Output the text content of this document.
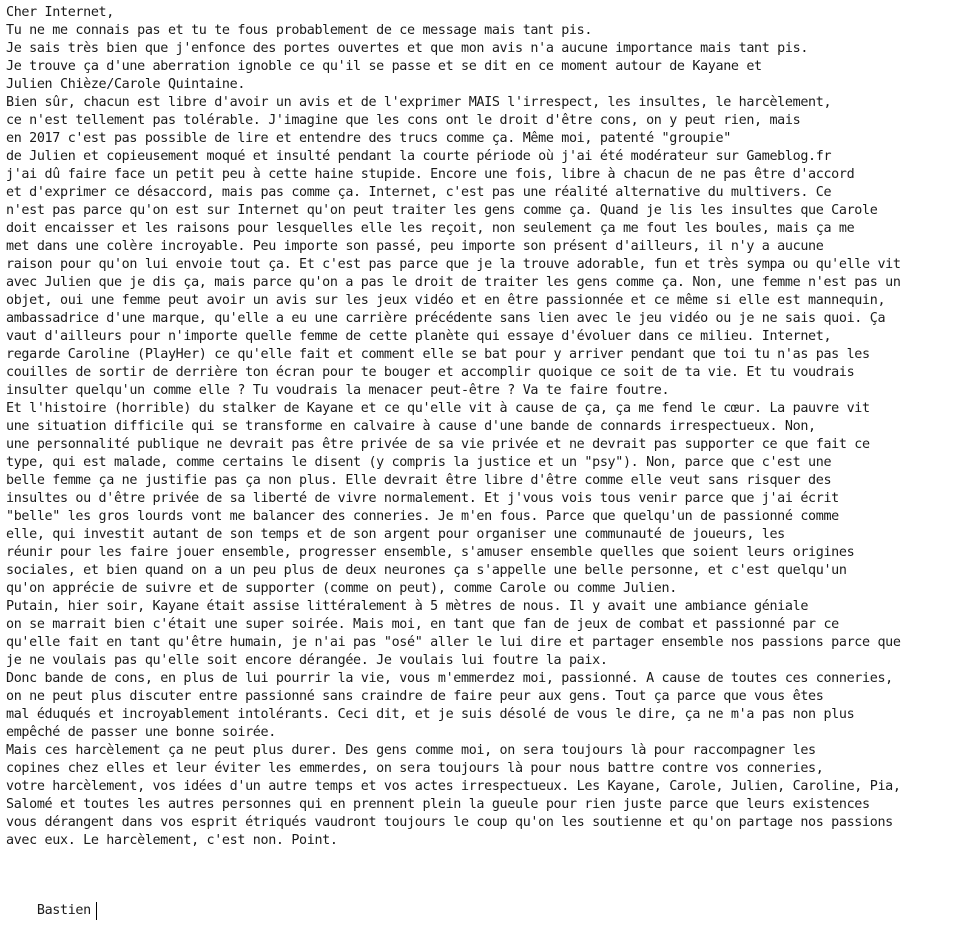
Cher Internet,
Tu ne me connais pas et tu te fous probablement de ce message mais tant pis.
Je sais très bien que j'enfonce des portes ouvertes et que mon avis n'a aucune importance mais tant pis.
Je trouve ça d'une aberration ignoble ce qu'il se passe et se dit en ce moment autour de Kayane et
Julien Chièze/Carole Quintaine.
Bien sûr, chacun est libre d'avoir un avis et de l'exprimer MAIS l'irrespect, les insultes, le harcèlement,
ce n'est tellement pas tolérable. J'imagine que les cons ont le droit d'être cons, on y peut rien, mais
en 2017 c'est pas possible de lire et entendre des trucs comme ça. Même moi, patenté "groupie"
de Julien et copieusement moqué et insulté pendant la courte période où j'ai été modérateur sur Gameblog.fr
j'ai dû faire face un petit peu à cette haine stupide. Encore une fois, libre à chacun de ne pas être d'accord
et d'exprimer ce désaccord, mais pas comme ça. Internet, c'est pas une réalité alternative du multivers. Ce
n'est pas parce qu'on est sur Internet qu'on peut traiter les gens comme ça. Quand je lis les insultes que Carole
doit encaisser et les raisons pour lesquelles elle les reçoit, non seulement ça me fout les boules, mais ça me
met dans une colère incroyable. Peu importe son passé, peu importe son présent d'ailleurs, il n'y a aucune
raison pour qu'on lui envoie tout ça. Et c'est pas parce que je la trouve adorable, fun et très sympa ou qu'elle vit
avec Julien que je dis ça, mais parce qu'on a pas le droit de traiter les gens comme ça. Non, une femme n'est pas un
objet, oui une femme peut avoir un avis sur les jeux vidéo et en être passionnée et ce même si elle est mannequin,
ambassadrice d'une marque, qu'elle a eu une carrière précédente sans lien avec le jeu vidéo ou je ne sais quoi. Ça
vaut d'ailleurs pour n'importe quelle femme de cette planète qui essaye d'évoluer dans ce milieu. Internet,
regarde Caroline (PlayHer) ce qu'elle fait et comment elle se bat pour y arriver pendant que toi tu n'as pas les
couilles de sortir de derrière ton écran pour te bouger et accomplir quoique ce soit de ta vie. Et tu voudrais
insulter quelqu'un comme elle ? Tu voudrais la menacer peut-être ? Va te faire foutre.
Et l'histoire (horrible) du stalker de Kayane et ce qu'elle vit à cause de ça, ça me fend le cœur. La pauvre vit
une situation difficile qui se transforme en calvaire à cause d'une bande de connards irrespectueux. Non,
une personnalité publique ne devrait pas être privée de sa vie privée et ne devrait pas supporter ce que fait ce
type, qui est malade, comme certains le disent (y compris la justice et un "psy"). Non, parce que c'est une
belle femme ça ne justifie pas ça non plus. Elle devrait être libre d'être comme elle veut sans risquer des
insultes ou d'être privée de sa liberté de vivre normalement. Et j'vous vois tous venir parce que j'ai écrit
"belle" les gros lourds vont me balancer des conneries. Je m'en fous. Parce que quelqu'un de passionné comme
elle, qui investit autant de son temps et de son argent pour organiser une communauté de joueurs, les
réunir pour les faire jouer ensemble, progresser ensemble, s'amuser ensemble quelles que soient leurs origines
sociales, et bien quand on a un peu plus de deux neurones ça s'appelle une belle personne, et c'est quelqu'un
qu'on apprécie de suivre et de supporter (comme on peut), comme Carole ou comme Julien.
Putain, hier soir, Kayane était assise littéralement à 5 mètres de nous. Il y avait une ambiance géniale
on se marrait bien c'était une super soirée. Mais moi, en tant que fan de jeux de combat et passionné par ce
qu'elle fait en tant qu'être humain, je n'ai pas "osé" aller le lui dire et partager ensemble nos passions parce que
je ne voulais pas qu'elle soit encore dérangée. Je voulais lui foutre la paix.
Donc bande de cons, en plus de lui pourrir la vie, vous m'emmerdez moi, passionné. A cause de toutes ces conneries,
on ne peut plus discuter entre passionné sans craindre de faire peur aux gens. Tout ça parce que vous êtes
mal éduqués et incroyablement intolérants. Ceci dit, et je suis désolé de vous le dire, ça ne m'a pas non plus
empêché de passer une bonne soirée.
Mais ces harcèlement ça ne peut plus durer. Des gens comme moi, on sera toujours là pour raccompagner les
copines chez elles et leur éviter les emmerdes, on sera toujours là pour nous battre contre vos conneries,
votre harcèlement, vos idées d'un autre temps et vos actes irrespectueux. Les Kayane, Carole, Julien, Caroline, Pia,
Salomé et toutes les autres personnes qui en prennent plein la gueule pour rien juste parce que leurs existences
vous dérangent dans vos esprit étriqués vaudront toujours le coup qu'on les soutienne et qu'on partage nos passions
avec eux. Le harcèlement, c'est non. Point.

Bastien
